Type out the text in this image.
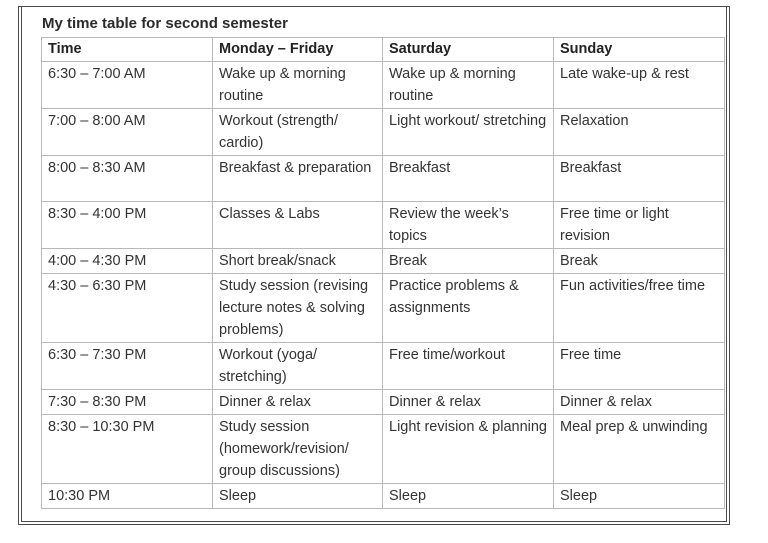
My time table for second semester
Time	Monday – Friday	Saturday	Sunday
6:30 – 7:00 AM	Wake up & morning routine	Wake up & morning routine	Late wake-up & rest
7:00 – 8:00 AM	Workout (strength/ cardio)	Light workout/ stretching	Relaxation
8:00 – 8:30 AM	Breakfast & preparation	Breakfast	Breakfast
8:30 – 4:00 PM	Classes & Labs	Review the week’s topics	Free time or light revision
4:00 – 4:30 PM	Short break/snack	Break	Break
4:30 – 6:30 PM	Study session (revising lecture notes & solving problems)	Practice problems & assignments	Fun activities/free time
6:30 – 7:30 PM	Workout (yoga/ stretching)	Free time/workout	Free time
7:30 – 8:30 PM	Dinner & relax	Dinner & relax	Dinner & relax
8:30 – 10:30 PM	Study session (homework/revision/ group discussions)	Light revision & planning	Meal prep & unwinding
10:30 PM	Sleep	Sleep	Sleep
